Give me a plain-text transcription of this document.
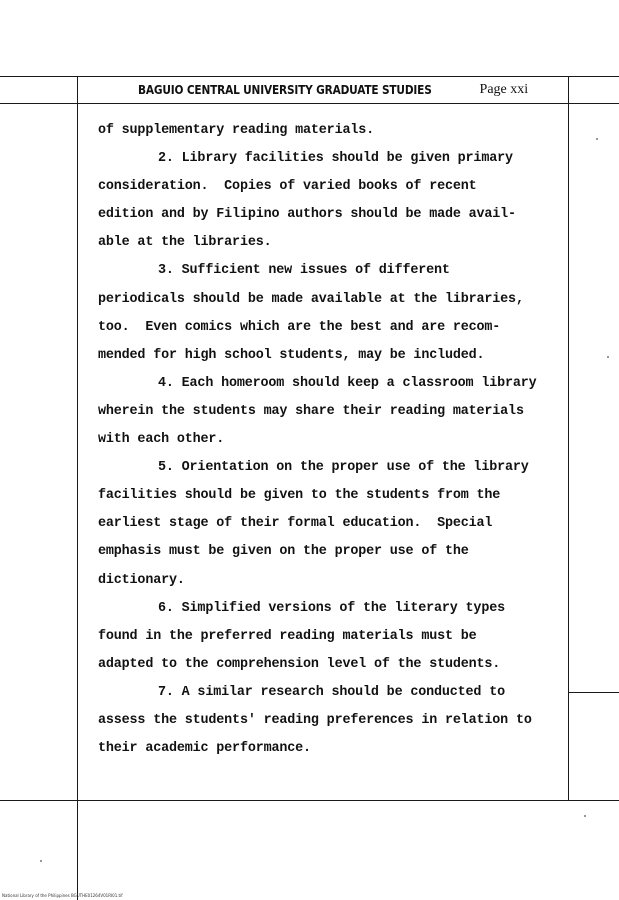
BAGUIO CENTRAL UNIVERSITY GRADUATE STUDIES	Page xxi
of supplementary reading materials.
2. Library facilities should be given primary
consideration.  Copies of varied books of recent
edition and by Filipino authors should be made avail-
able at the libraries.
3. Sufficient new issues of different
periodicals should be made available at the libraries,
too.  Even comics which are the best and are recom-
mended for high school students, may be included.
4. Each homeroom should keep a classroom library
wherein the students may share their reading materials
with each other.
5. Orientation on the proper use of the library
facilities should be given to the students from the
earliest stage of their formal education.  Special
emphasis must be given on the proper use of the
dictionary.
6. Simplified versions of the literary types
found in the preferred reading materials must be
adapted to the comprehension level of the students.
7. A similar research should be conducted to
assess the students' reading preferences in relation to
their academic performance.
National Library of the Philippines BGUTHE01264V01RI01.tif
